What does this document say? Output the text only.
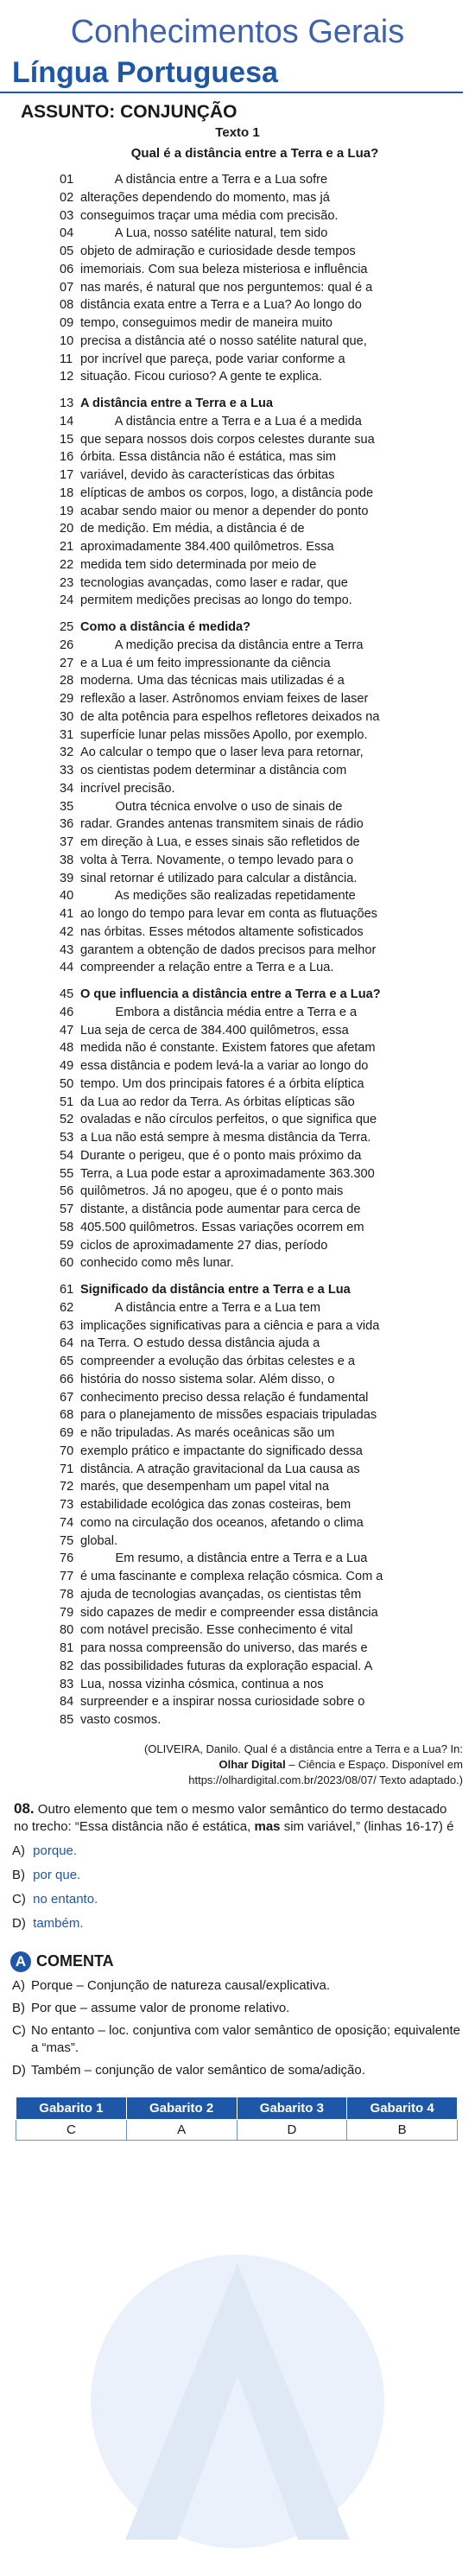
Conhecimentos Gerais
Língua Portuguesa
ASSUNTO: CONJUNÇÃO
Texto 1
Qual é a distância entre a Terra e a Lua?
01 A distância entre a Terra e a Lua sofre
02 alterações dependendo do momento, mas já
03 conseguimos traçar uma média com precisão.
04 A Lua, nosso satélite natural, tem sido
05 objeto de admiração e curiosidade desde tempos
06 imemoriais. Com sua beleza misteriosa e influência
07 nas marés, é natural que nos perguntemos: qual é a
08 distância exata entre a Terra e a Lua? Ao longo do
09 tempo, conseguimos medir de maneira muito
10 precisa a distância até o nosso satélite natural que,
11 por incrível que pareça, pode variar conforme a
12 situação. Ficou curioso? A gente te explica.
13 A distância entre a Terra e a Lua
14 A distância entre a Terra e a Lua é a medida
15 que separa nossos dois corpos celestes durante sua
16 órbita. Essa distância não é estática, mas sim
17 variável, devido às características das órbitas
18 elípticas de ambos os corpos, logo, a distância pode
19 acabar sendo maior ou menor a depender do ponto
20 de medição. Em média, a distância é de
21 aproximadamente 384.400 quilômetros. Essa
22 medida tem sido determinada por meio de
23 tecnologias avançadas, como laser e radar, que
24 permitem medições precisas ao longo do tempo.
25 Como a distância é medida?
26 A medição precisa da distância entre a Terra
27 e a Lua é um feito impressionante da ciência
28 moderna. Uma das técnicas mais utilizadas é a
29 reflexão a laser. Astrônomos enviam feixes de laser
30 de alta potência para espelhos refletores deixados na
31 superfície lunar pelas missões Apollo, por exemplo.
32 Ao calcular o tempo que o laser leva para retornar,
33 os cientistas podem determinar a distância com
34 incrível precisão.
35 Outra técnica envolve o uso de sinais de
36 radar. Grandes antenas transmitem sinais de rádio
37 em direção à Lua, e esses sinais são refletidos de
38 volta à Terra. Novamente, o tempo levado para o
39 sinal retornar é utilizado para calcular a distância.
40 As medições são realizadas repetidamente
41 ao longo do tempo para levar em conta as flutuações
42 nas órbitas. Esses métodos altamente sofisticados
43 garantem a obtenção de dados precisos para melhor
44 compreender a relação entre a Terra e a Lua.
45 O que influencia a distância entre a Terra e a Lua?
46 Embora a distância média entre a Terra e a
47 Lua seja de cerca de 384.400 quilômetros, essa
48 medida não é constante. Existem fatores que afetam
49 essa distância e podem levá-la a variar ao longo do
50 tempo. Um dos principais fatores é a órbita elíptica
51 da Lua ao redor da Terra. As órbitas elípticas são
52 ovaladas e não círculos perfeitos, o que significa que
53 a Lua não está sempre à mesma distância da Terra.
54 Durante o perigeu, que é o ponto mais próximo da
55 Terra, a Lua pode estar a aproximadamente 363.300
56 quilômetros. Já no apogeu, que é o ponto mais
57 distante, a distância pode aumentar para cerca de
58 405.500 quilômetros. Essas variações ocorrem em
59 ciclos de aproximadamente 27 dias, período
60 conhecido como mês lunar.
61 Significado da distância entre a Terra e a Lua
62 A distância entre a Terra e a Lua tem
63 implicações significativas para a ciência e para a vida
64 na Terra. O estudo dessa distância ajuda a
65 compreender a evolução das órbitas celestes e a
66 história do nosso sistema solar. Além disso, o
67 conhecimento preciso dessa relação é fundamental
68 para o planejamento de missões espaciais tripuladas
69 e não tripuladas. As marés oceânicas são um
70 exemplo prático e impactante do significado dessa
71 distância. A atração gravitacional da Lua causa as
72 marés, que desempenham um papel vital na
73 estabilidade ecológica das zonas costeiras, bem
74 como na circulação dos oceanos, afetando o clima
75 global.
76 Em resumo, a distância entre a Terra e a Lua
77 é uma fascinante e complexa relação cósmica. Com a
78 ajuda de tecnologias avançadas, os cientistas têm
79 sido capazes de medir e compreender essa distância
80 com notável precisão. Esse conhecimento é vital
81 para nossa compreensão do universo, das marés e
82 das possibilidades futuras da exploração espacial. A
83 Lua, nossa vizinha cósmica, continua a nos
84 surpreender e a inspirar nossa curiosidade sobre o
85 vasto cosmos.
(OLIVEIRA, Danilo. Qual é a distância entre a Terra e a Lua? In:
Olhar Digital – Ciência e Espaço. Disponível em
https://olhardigital.com.br/2023/08/07/ Texto adaptado.)
08. Outro elemento que tem o mesmo valor semântico do termo destacado no trecho: “Essa distância não é estática, mas sim variável,” (linhas 16-17) é
A) porque.
B) por que.
C) no entanto.
D) também.
A COMENTA
A) Porque – Conjunção de natureza causal/explicativa.
B) Por que – assume valor de pronome relativo.
C) No entanto – loc. conjuntiva com valor semântico de oposição; equivalente a “mas”.
D) Também – conjunção de valor semântico de soma/adição.
Gabarito 1	Gabarito 2	Gabarito 3	Gabarito 4
C	A	D	B
